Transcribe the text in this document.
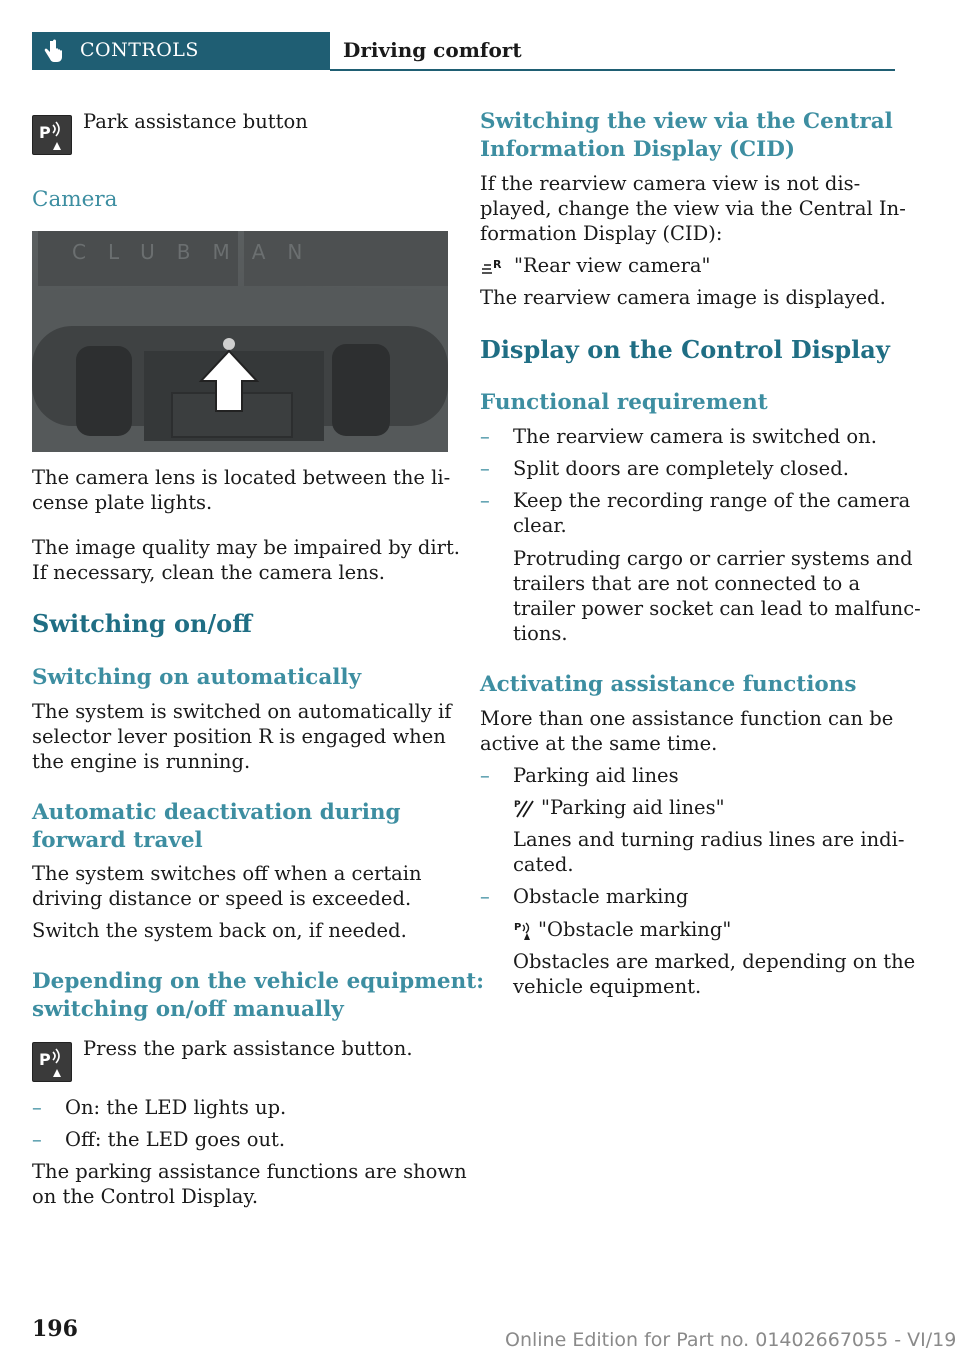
CONTROLS	Driving comfort
P Park assistance button

Camera

CLUBMAN

The camera lens is located between the li-

cense plate lights.

The image quality may be impaired by dirt.

If necessary, clean the camera lens.

Switching on/off

Switching on automatically

The system is switched on automatically if

selector lever position R is engaged when

the engine is running.

Automatic deactivation during

forward travel

The system switches off when a certain

driving distance or speed is exceeded.

Switch the system back on, if needed.

Depending on the vehicle equipment:

switching on/off manually

P Press the park assistance button.

– On: the LED lights up.

– Off: the LED goes out.

The parking assistance functions are shown

on the Control Display.

Switching the view via the Central

Information Display (CID)

If the rearview camera view is not dis-

played, change the view via the Central In-

formation Display (CID):

R "Rear view camera"

The rearview camera image is displayed.

Display on the Control Display

Functional requirement

– The rearview camera is switched on.

– Split doors are completely closed.

– Keep the recording range of the camera

clear.

Protruding cargo or carrier systems and

trailers that are not connected to a

trailer power socket can lead to malfunc-

tions.

Activating assistance functions

More than one assistance function can be

active at the same time.

– Parking aid lines

P "Parking aid lines"

Lanes and turning radius lines are indi-

cated.

– Obstacle marking

P "Obstacle marking"

Obstacles are marked, depending on the

vehicle equipment.

196	Online Edition for Part no. 01402667055 - VI/19
